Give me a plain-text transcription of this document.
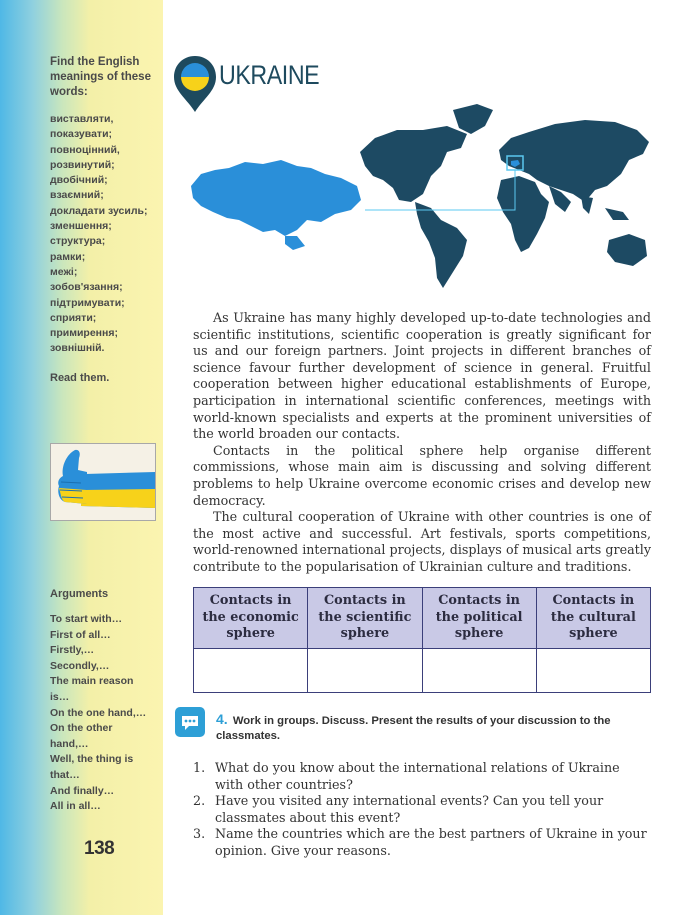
Find the English meanings of these words:
виставляти,
показувати;
повноцінний,
розвинутий;
двобічний;
взаємний;
докладати зусиль;
зменшення;
структура;
рамки;
межі;
зобов'язання;
підтримувати;
сприяти;
примирення;
зовнішній.
Read them.
Arguments
To start with…
First of all…
Firstly,…
Secondly,…
The main reason
is…
On the one hand,…
On the other
hand,…
Well, the thing is
that…
And finally…
All in all…
138
UKRAINE

As Ukraine has many highly developed up-to-date technologies and scientific institutions, scientific cooperation is greatly significant for us and our foreign partners. Joint projects in different branches of science favour further development of science in general. Fruitful cooperation between higher educational establishments of Europe, participation in international scientific conferences, meetings with world-known specialists and experts at the prominent universities of the world broaden our contacts.

Contacts in the political sphere help organise different commissions, whose main aim is discussing and solving different problems to help Ukraine overcome economic crises and develop new democracy.

The cultural cooperation of Ukraine with other countries is one of the most active and successful. Art festivals, sports competitions, world-renowned international projects, displays of musical arts greatly contribute to the popularisation of Ukrainian culture and traditions.

Contacts in the economic sphere	Contacts in the scientific sphere	Contacts in the political sphere	Contacts in the cultural sphere

4. Work in groups. Discuss. Present the results of your discussion to the classmates.
1. What do you know about the international relations of Ukraine with other countries?
2. Have you visited any international events? Can you tell your classmates about this event?
3. Name the countries which are the best partners of Ukraine in your opinion. Give your reasons.
